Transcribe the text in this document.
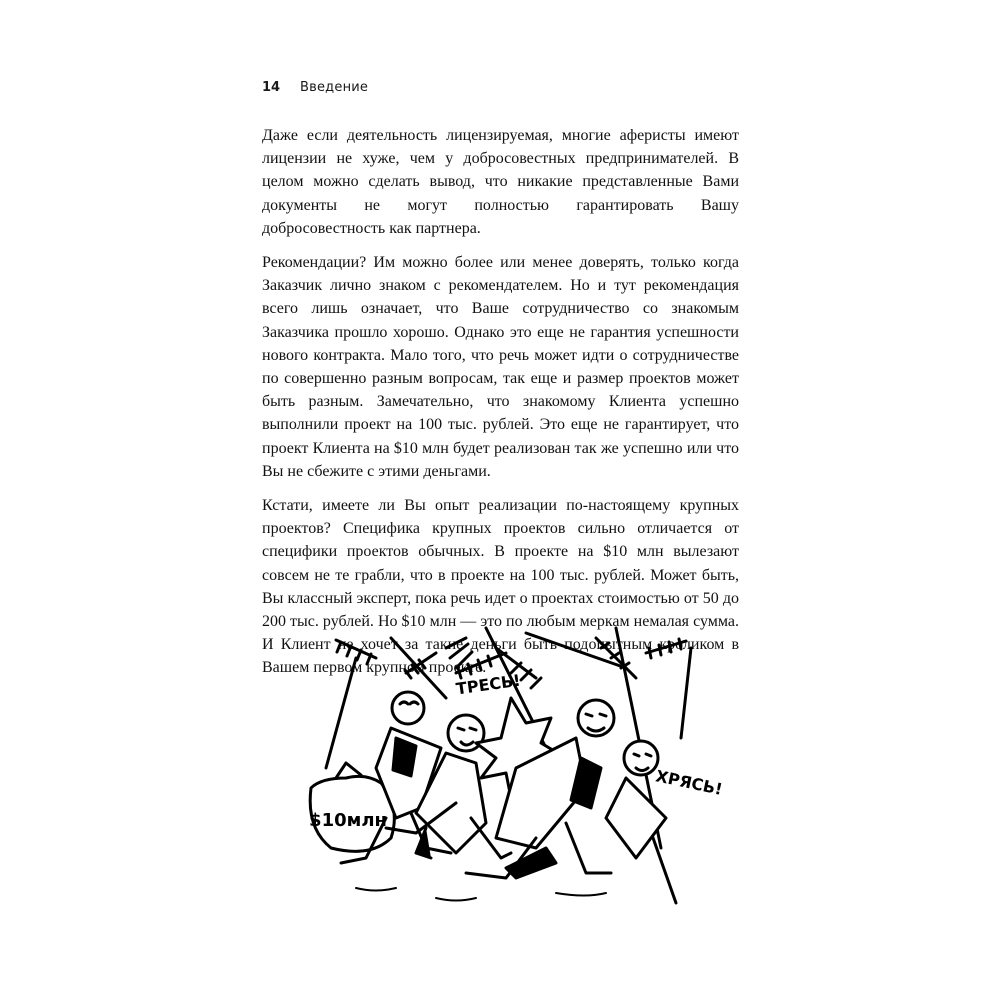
14	Введение

Даже если деятельность лицензируемая, многие аферисты имеют лицензии не хуже, чем у добросовестных предпринимателей. В целом можно сделать вывод, что никакие представленные Вами документы не могут полностью гарантировать Вашу добросовестность как партнера.

Рекомендации? Им можно более или менее доверять, только когда Заказчик лично знаком с рекомендателем. Но и тут рекомендация всего лишь означает, что Ваше сотрудничество со знакомым Заказчика прошло хорошо. Однако это еще не гарантия успешности нового контракта. Мало того, что речь может идти о сотрудничестве по совершенно разным вопросам, так еще и размер проектов может быть разным. Замечательно, что знакомому Клиента успешно выполнили проект на 100 тыс. рублей. Это еще не гарантирует, что проект Клиента на $10 млн будет реализован так же успешно или что Вы не сбежите с этими деньгами.

Кстати, имеете ли Вы опыт реализации по-настоящему крупных проектов? Специфика крупных проектов сильно отличается от специфики проектов обычных. В проекте на $10 млн вылезают совсем не те грабли, что в проекте на 100 тыс. рублей. Может быть, Вы классный эксперт, пока речь идет о проектах стоимостью от 50 до 200 тыс. рублей. Но $10 млн — это по любым меркам немалая сумма. И Клиент не хочет за такие деньги быть подопытным кроликом в Вашем первом крупном проекте.

$10млн
ТРЕСЬ!
ХРЯСЬ!
